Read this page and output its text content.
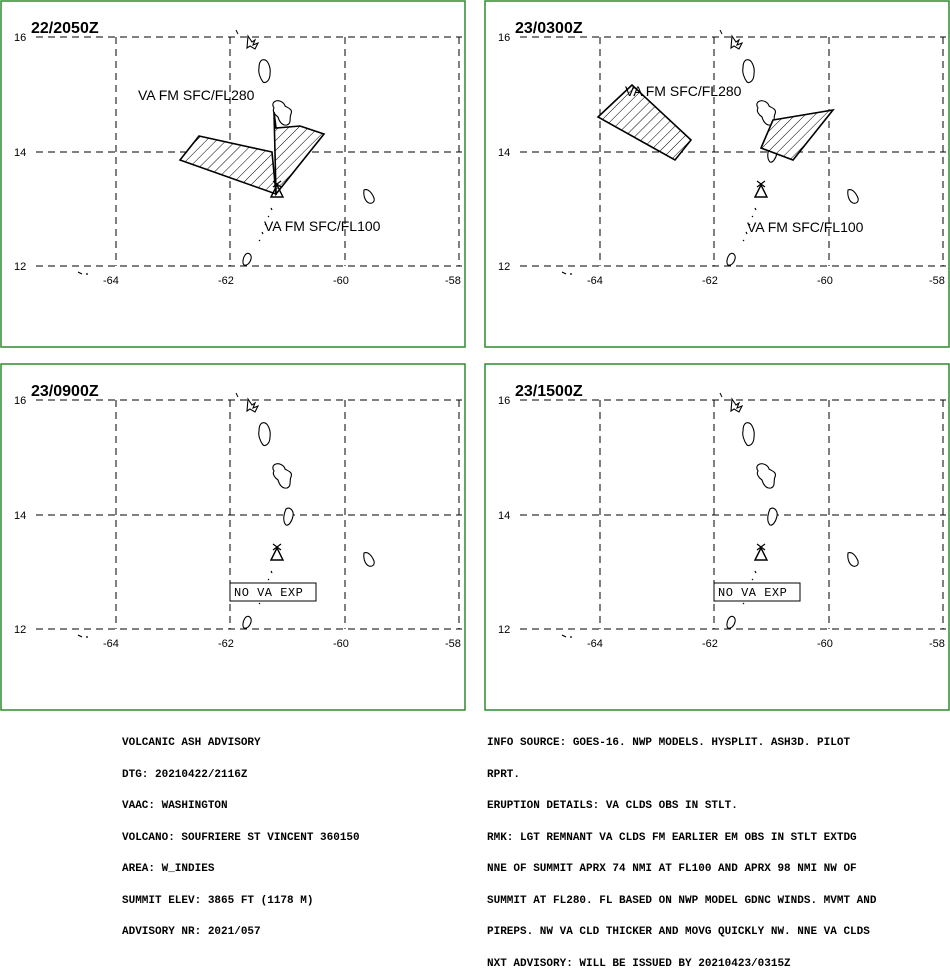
22/2050Z
VA FM SFC/FL280
VA FM SFC/FL100
16
14
12
-64	-62	-60	-58
23/0300Z
VA FM SFC/FL280
VA FM SFC/FL100
16
14
12
-64	-62	-60	-58
NO VA EXP
23/0900Z
16
14
12
-64	-62	-60	-58
NO VA EXP
23/1500Z
16
14
12
-64	-62	-60	-58

VOLCANIC ASH ADVISORY

DTG: 20210422/2116Z

VAAC: WASHINGTON

VOLCANO: SOUFRIERE ST VINCENT 360150

AREA: W_INDIES

SUMMIT ELEV: 3865 FT (1178 M)

ADVISORY NR: 2021/057

INFO SOURCE: GOES-16. NWP MODELS. HYSPLIT. ASH3D. PILOT

RPRT.

ERUPTION DETAILS: VA CLDS OBS IN STLT.

RMK: LGT REMNANT VA CLDS FM EARLIER EM OBS IN STLT EXTDG

NNE OF SUMMIT APRX 74 NMI AT FL100 AND APRX 98 NMI NW OF

SUMMIT AT FL280. FL BASED ON NWP MODEL GDNC WINDS. MVMT AND

PIREPS. NW VA CLD THICKER AND MOVG QUICKLY NW. NNE VA CLDS

NXT ADVISORY: WILL BE ISSUED BY 20210423/0315Z
